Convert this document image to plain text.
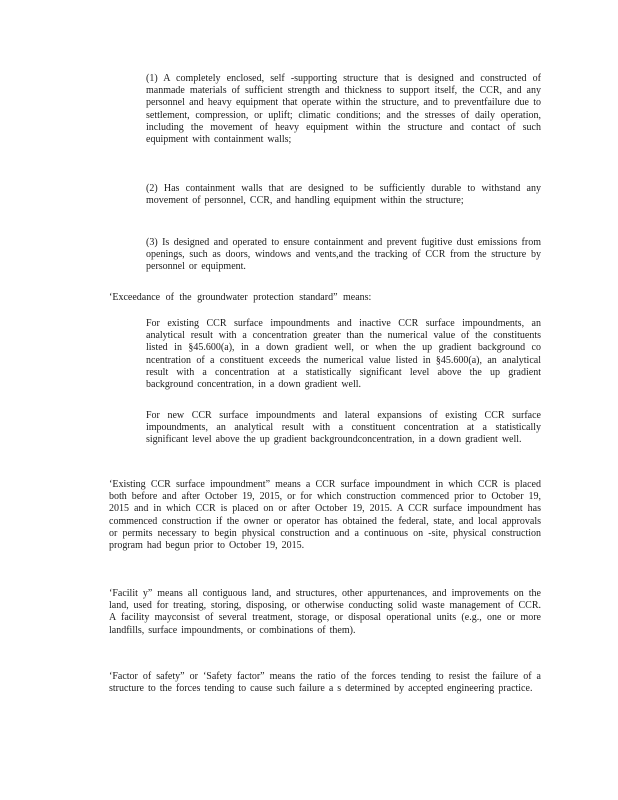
(1) A completely enclosed, self -supporting structure that is designed and constructed of manmade materials of sufficient strength and thickness to support itself, the CCR, and any personnel and heavy equipment that operate within the structure, and to preventfailure due to settlement, compression, or uplift; climatic conditions; and the stresses of daily operation, including the movement of heavy equipment within the structure and contact of such equipment with containment walls;

(2) Has containment walls that are designed to be sufficiently durable to withstand any movement of personnel, CCR, and handling equipment within the structure;

(3) Is designed and operated to ensure containment and prevent fugitive dust emissions from openings, such as doors, windows and vents,and the tracking of CCR from the structure by personnel or equipment.

‘Exceedance of the groundwater protection standard” means:

For existing CCR surface impoundments and inactive CCR surface impoundments, an analytical result with a concentration greater than the numerical value of the constituents listed in §45.600(a), in a down gradient well, or when the up gradient background co ncentration of a constituent exceeds the numerical value listed in §45.600(a), an analytical result with a concentration at a statistically significant level above the up gradient background concentration, in a down gradient well.

For new CCR surface impoundments and lateral expansions of existing CCR surface impoundments, an analytical result with a constituent concentration at a statistically significant level above the up gradient backgroundconcentration, in a down gradient well.

‘Existing CCR surface impoundment” means a CCR surface impoundment in which CCR is placed both before and after October 19, 2015, or for which construction commenced prior to October 19, 2015 and in which CCR is placed on or after October 19, 2015. A CCR surface impoundment has commenced construction if the owner or operator has obtained the federal, state, and local approvals or permits necessary to begin physical construction and a continuous on -site, physical construction program had begun prior to October 19, 2015.

‘Facilit y” means all contiguous land, and structures, other appurtenances, and improvements on the land, used for treating, storing, disposing, or otherwise conducting solid waste management of CCR. A facility mayconsist of several treatment, storage, or disposal operational units (e.g., one or more landfills, surface impoundments, or combinations of them).

‘Factor of safety” or ‘Safety factor” means the ratio of the forces tending to resist the failure of a structure to the forces tending to cause such failure a s determined by accepted engineering practice.
